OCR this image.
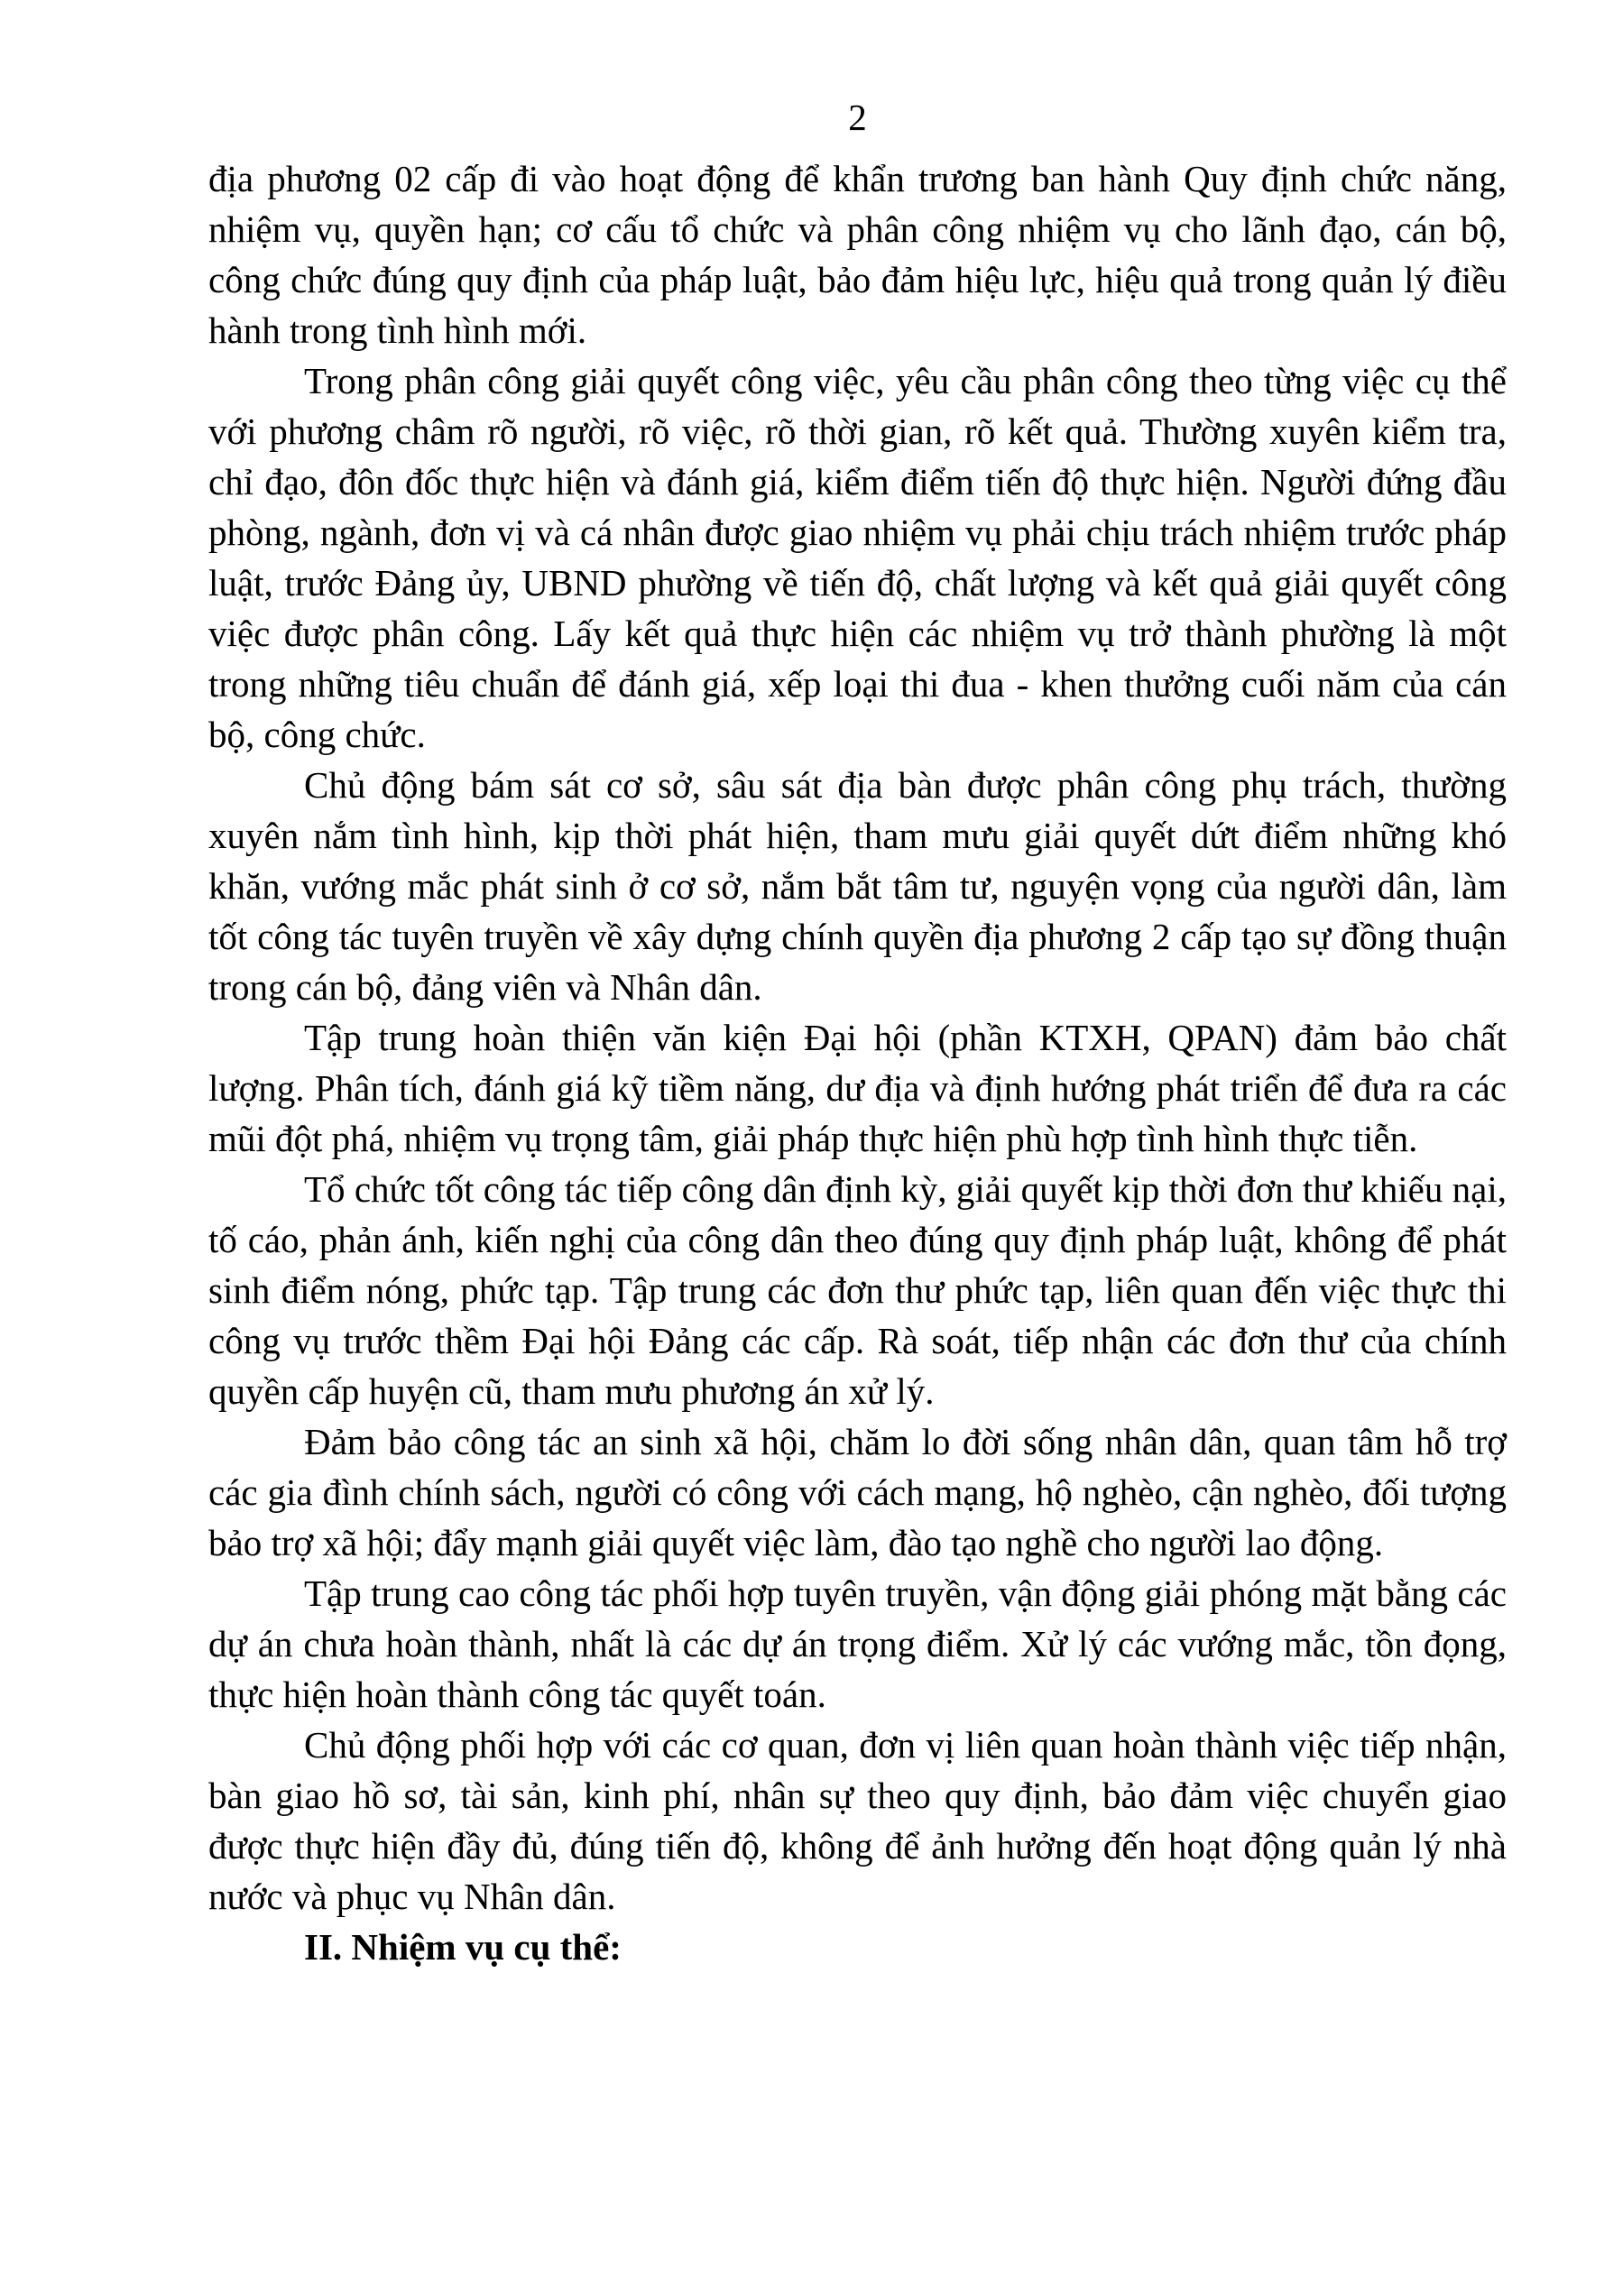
2

địa phương 02 cấp đi vào hoạt động để khẩn trương ban hành Quy định chức năng, nhiệm vụ, quyền hạn; cơ cấu tổ chức và phân công nhiệm vụ cho lãnh đạo, cán bộ, công chức đúng quy định của pháp luật, bảo đảm hiệu lực, hiệu quả trong quản lý điều hành trong tình hình mới.

Trong phân công giải quyết công việc, yêu cầu phân công theo từng việc cụ thể với phương châm rõ người, rõ việc, rõ thời gian, rõ kết quả. Thường xuyên kiểm tra, chỉ đạo, đôn đốc thực hiện và đánh giá, kiểm điểm tiến độ thực hiện. Người đứng đầu phòng, ngành, đơn vị và cá nhân được giao nhiệm vụ phải chịu trách nhiệm trước pháp luật, trước Đảng ủy, UBND phường về tiến độ, chất lượng và kết quả giải quyết công việc được phân công. Lấy kết quả thực hiện các nhiệm vụ trở thành phường là một trong những tiêu chuẩn để đánh giá, xếp loại thi đua - khen thưởng cuối năm của cán bộ, công chức.

Chủ động bám sát cơ sở, sâu sát địa bàn được phân công phụ trách, thường xuyên nắm tình hình, kịp thời phát hiện, tham mưu giải quyết dứt điểm những khó khăn, vướng mắc phát sinh ở cơ sở, nắm bắt tâm tư, nguyện vọng của người dân, làm tốt công tác tuyên truyền về xây dựng chính quyền địa phương 2 cấp tạo sự đồng thuận trong cán bộ, đảng viên và Nhân dân.

Tập trung hoàn thiện văn kiện Đại hội (phần KTXH, QPAN) đảm bảo chất lượng. Phân tích, đánh giá kỹ tiềm năng, dư địa và định hướng phát triển để đưa ra các mũi đột phá, nhiệm vụ trọng tâm, giải pháp thực hiện phù hợp tình hình thực tiễn.

Tổ chức tốt công tác tiếp công dân định kỳ, giải quyết kịp thời đơn thư khiếu nại, tố cáo, phản ánh, kiến nghị của công dân theo đúng quy định pháp luật, không để phát sinh điểm nóng, phức tạp. Tập trung các đơn thư phức tạp, liên quan đến việc thực thi công vụ trước thềm Đại hội Đảng các cấp. Rà soát, tiếp nhận các đơn thư của chính quyền cấp huyện cũ, tham mưu phương án xử lý.

Đảm bảo công tác an sinh xã hội, chăm lo đời sống nhân dân, quan tâm hỗ trợ các gia đình chính sách, người có công với cách mạng, hộ nghèo, cận nghèo, đối tượng bảo trợ xã hội; đẩy mạnh giải quyết việc làm, đào tạo nghề cho người lao động.

Tập trung cao công tác phối hợp tuyên truyền, vận động giải phóng mặt bằng các dự án chưa hoàn thành, nhất là các dự án trọng điểm. Xử lý các vướng mắc, tồn đọng, thực hiện hoàn thành công tác quyết toán.

Chủ động phối hợp với các cơ quan, đơn vị liên quan hoàn thành việc tiếp nhận, bàn giao hồ sơ, tài sản, kinh phí, nhân sự theo quy định, bảo đảm việc chuyển giao được thực hiện đầy đủ, đúng tiến độ, không để ảnh hưởng đến hoạt động quản lý nhà nước và phục vụ Nhân dân.

II. Nhiệm vụ cụ thể:
